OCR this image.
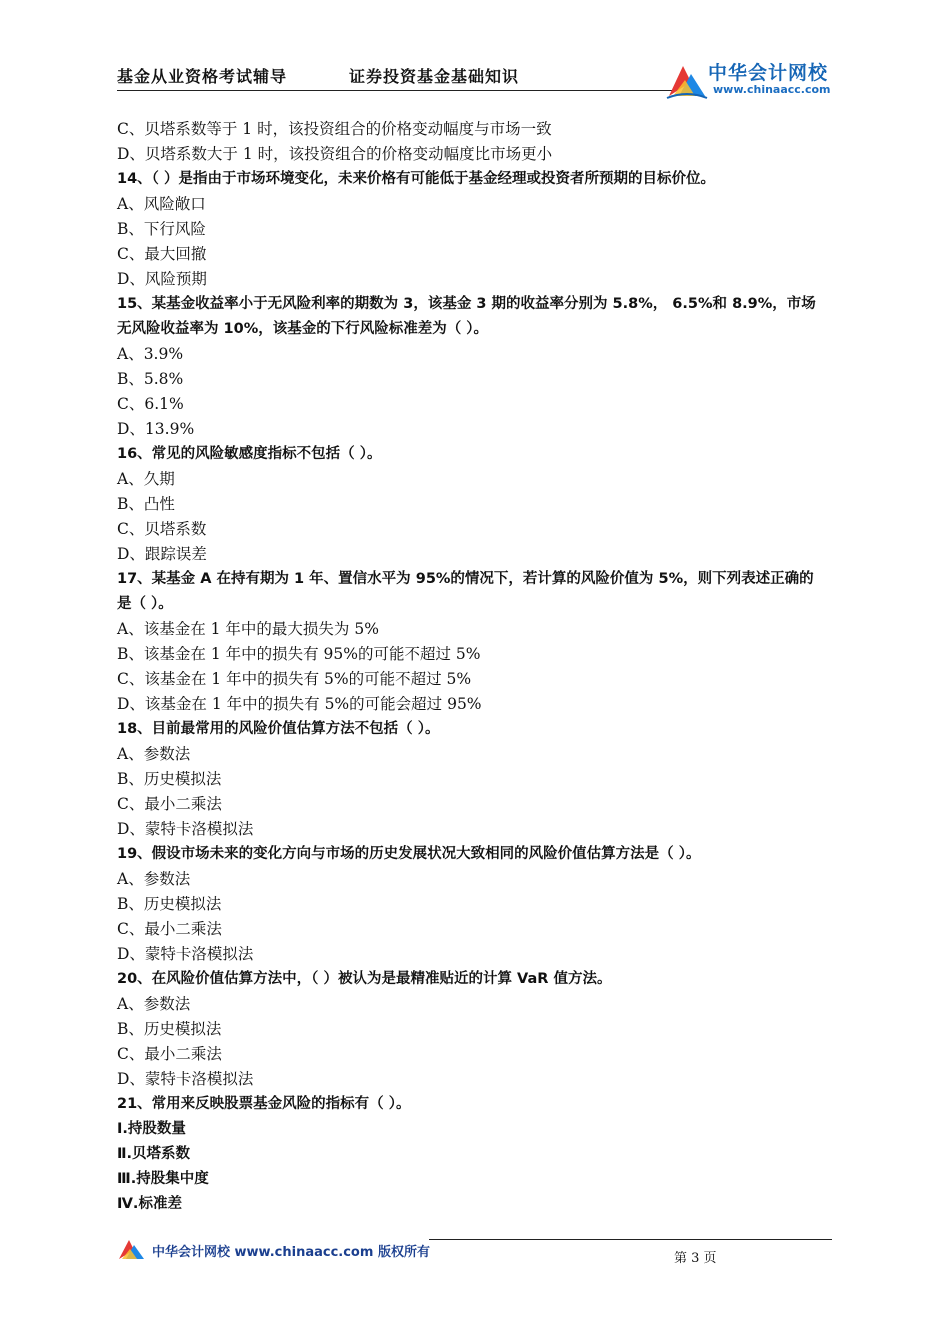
基金从业资格考试辅导	证券投资基金基础知识	中华会计网校
www.chinaacc.com
C、贝塔系数等于 1 时，该投资组合的价格变动幅度与市场一致
D、贝塔系数大于 1 时，该投资组合的价格变动幅度比市场更小
14、（ ）是指由于市场环境变化，未来价格有可能低于基金经理或投资者所预期的目标价位。
A、风险敞口
B、下行风险
C、最大回撤
D、风险预期
15、某基金收益率小于无风险利率的期数为 3，该基金 3 期的收益率分别为 5.8%， 6.5%和 8.9%，市场
无风险收益率为 10%，该基金的下行风险标准差为（ ）。
A、3.9%
B、5.8%
C、6.1%
D、13.9%
16、常见的风险敏感度指标不包括（ ）。
A、久期
B、凸性
C、贝塔系数
D、跟踪误差
17、某基金 A 在持有期为 1 年、置信水平为 95%的情况下，若计算的风险价值为 5%，则下列表述正确的
是（ ）。
A、该基金在 1 年中的最大损失为 5%
B、该基金在 1 年中的损失有 95%的可能不超过 5%
C、该基金在 1 年中的损失有 5%的可能不超过 5%
D、该基金在 1 年中的损失有 5%的可能会超过 95%
18、目前最常用的风险价值估算方法不包括（ ）。
A、参数法
B、历史模拟法
C、最小二乘法
D、蒙特卡洛模拟法
19、假设市场未来的变化方向与市场的历史发展状况大致相同的风险价值估算方法是（ ）。
A、参数法
B、历史模拟法
C、最小二乘法
D、蒙特卡洛模拟法
20、在风险价值估算方法中，（ ）被认为是最精准贴近的计算 VaR 值方法。
A、参数法
B、历史模拟法
C、最小二乘法
D、蒙特卡洛模拟法
21、常用来反映股票基金风险的指标有（ ）。
Ⅰ.持股数量
Ⅱ.贝塔系数
Ⅲ.持股集中度
Ⅳ.标准差
中华会计网校 www.chinaacc.com 版权所有	第 3 页
